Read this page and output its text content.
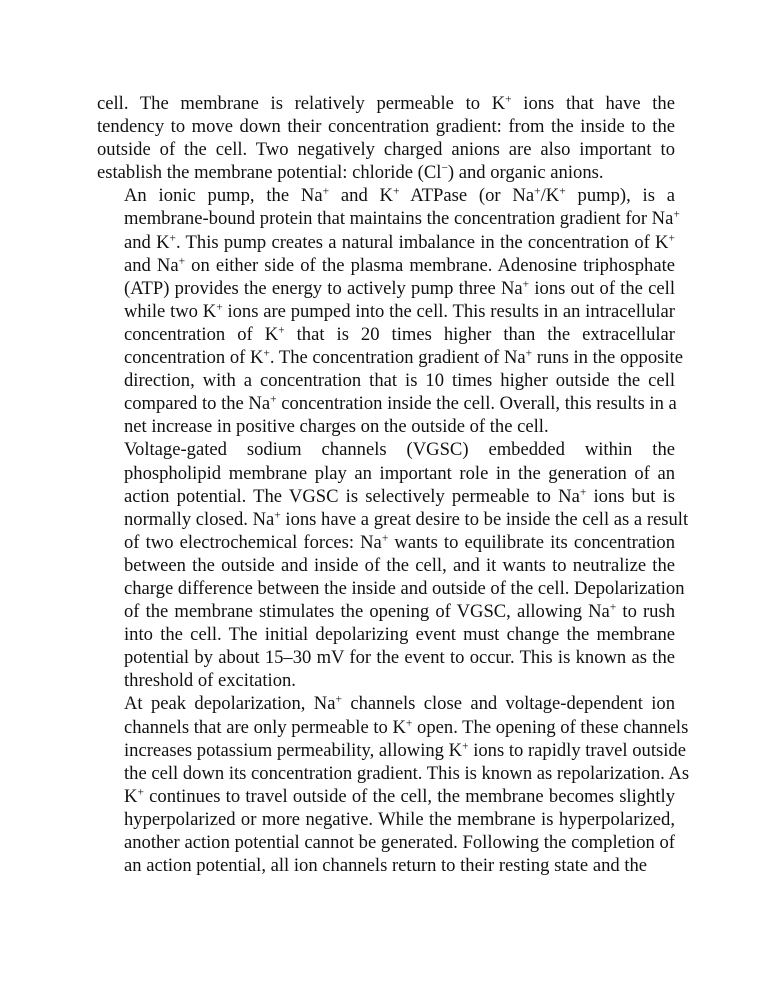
cell. The membrane is relatively permeable to K+ ions that have the
tendency to move down their concentration gradient: from the inside to the
outside of the cell. Two negatively charged anions are also important to
establish the membrane potential: chloride (Cl−) and organic anions.
An ionic pump, the Na+ and K+ ATPase (or Na+/K+ pump), is a
membrane-bound protein that maintains the concentration gradient for Na+
and K+. This pump creates a natural imbalance in the concentration of K+
and Na+ on either side of the plasma membrane. Adenosine triphosphate
(ATP) provides the energy to actively pump three Na+ ions out of the cell
while two K+ ions are pumped into the cell. This results in an intracellular
concentration of K+ that is 20 times higher than the extracellular
concentration of K+. The concentration gradient of Na+ runs in the opposite
direction, with a concentration that is 10 times higher outside the cell
compared to the Na+ concentration inside the cell. Overall, this results in a
net increase in positive charges on the outside of the cell.
Voltage-gated sodium channels (VGSC) embedded within the
phospholipid membrane play an important role in the generation of an
action potential. The VGSC is selectively permeable to Na+ ions but is
normally closed. Na+ ions have a great desire to be inside the cell as a result
of two electrochemical forces: Na+ wants to equilibrate its concentration
between the outside and inside of the cell, and it wants to neutralize the
charge difference between the inside and outside of the cell. Depolarization
of the membrane stimulates the opening of VGSC, allowing Na+ to rush
into the cell. The initial depolarizing event must change the membrane
potential by about 15–30 mV for the event to occur. This is known as the
threshold of excitation.
At peak depolarization, Na+ channels close and voltage-dependent ion
channels that are only permeable to K+ open. The opening of these channels
increases potassium permeability, allowing K+ ions to rapidly travel outside
the cell down its concentration gradient. This is known as repolarization. As
K+ continues to travel outside of the cell, the membrane becomes slightly
hyperpolarized or more negative. While the membrane is hyperpolarized,
another action potential cannot be generated. Following the completion of
an action potential, all ion channels return to their resting state and the
